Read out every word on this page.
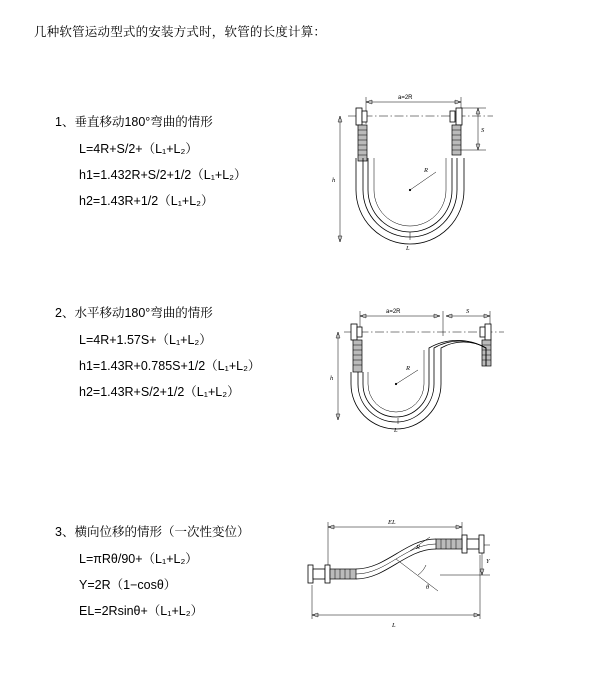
几种软管运动型式的安装方式时，软管的长度计算：
1、垂直移动180°弯曲的情形
L=4R+S/2+（L₁+L₂）
h1=1.432R+S/2+1/2（L₁+L₂）
h2=1.43R+1/2（L₁+L₂）
a=2R
S
h
R
L
2、水平移动180°弯曲的情形
L=4R+1.57S+（L₁+L₂）
h1=1.43R+0.785S+1/2（L₁+L₂）
h2=1.43R+S/2+1/2（L₁+L₂）
a=2R	S
h
R
L
3、横向位移的情形（一次性变位）
L=πRθ/90+（L₁+L₂）
Y=2R（1−cosθ）
EL=2Rsinθ+（L₁+L₂）
EL
Y
θ
R
L
